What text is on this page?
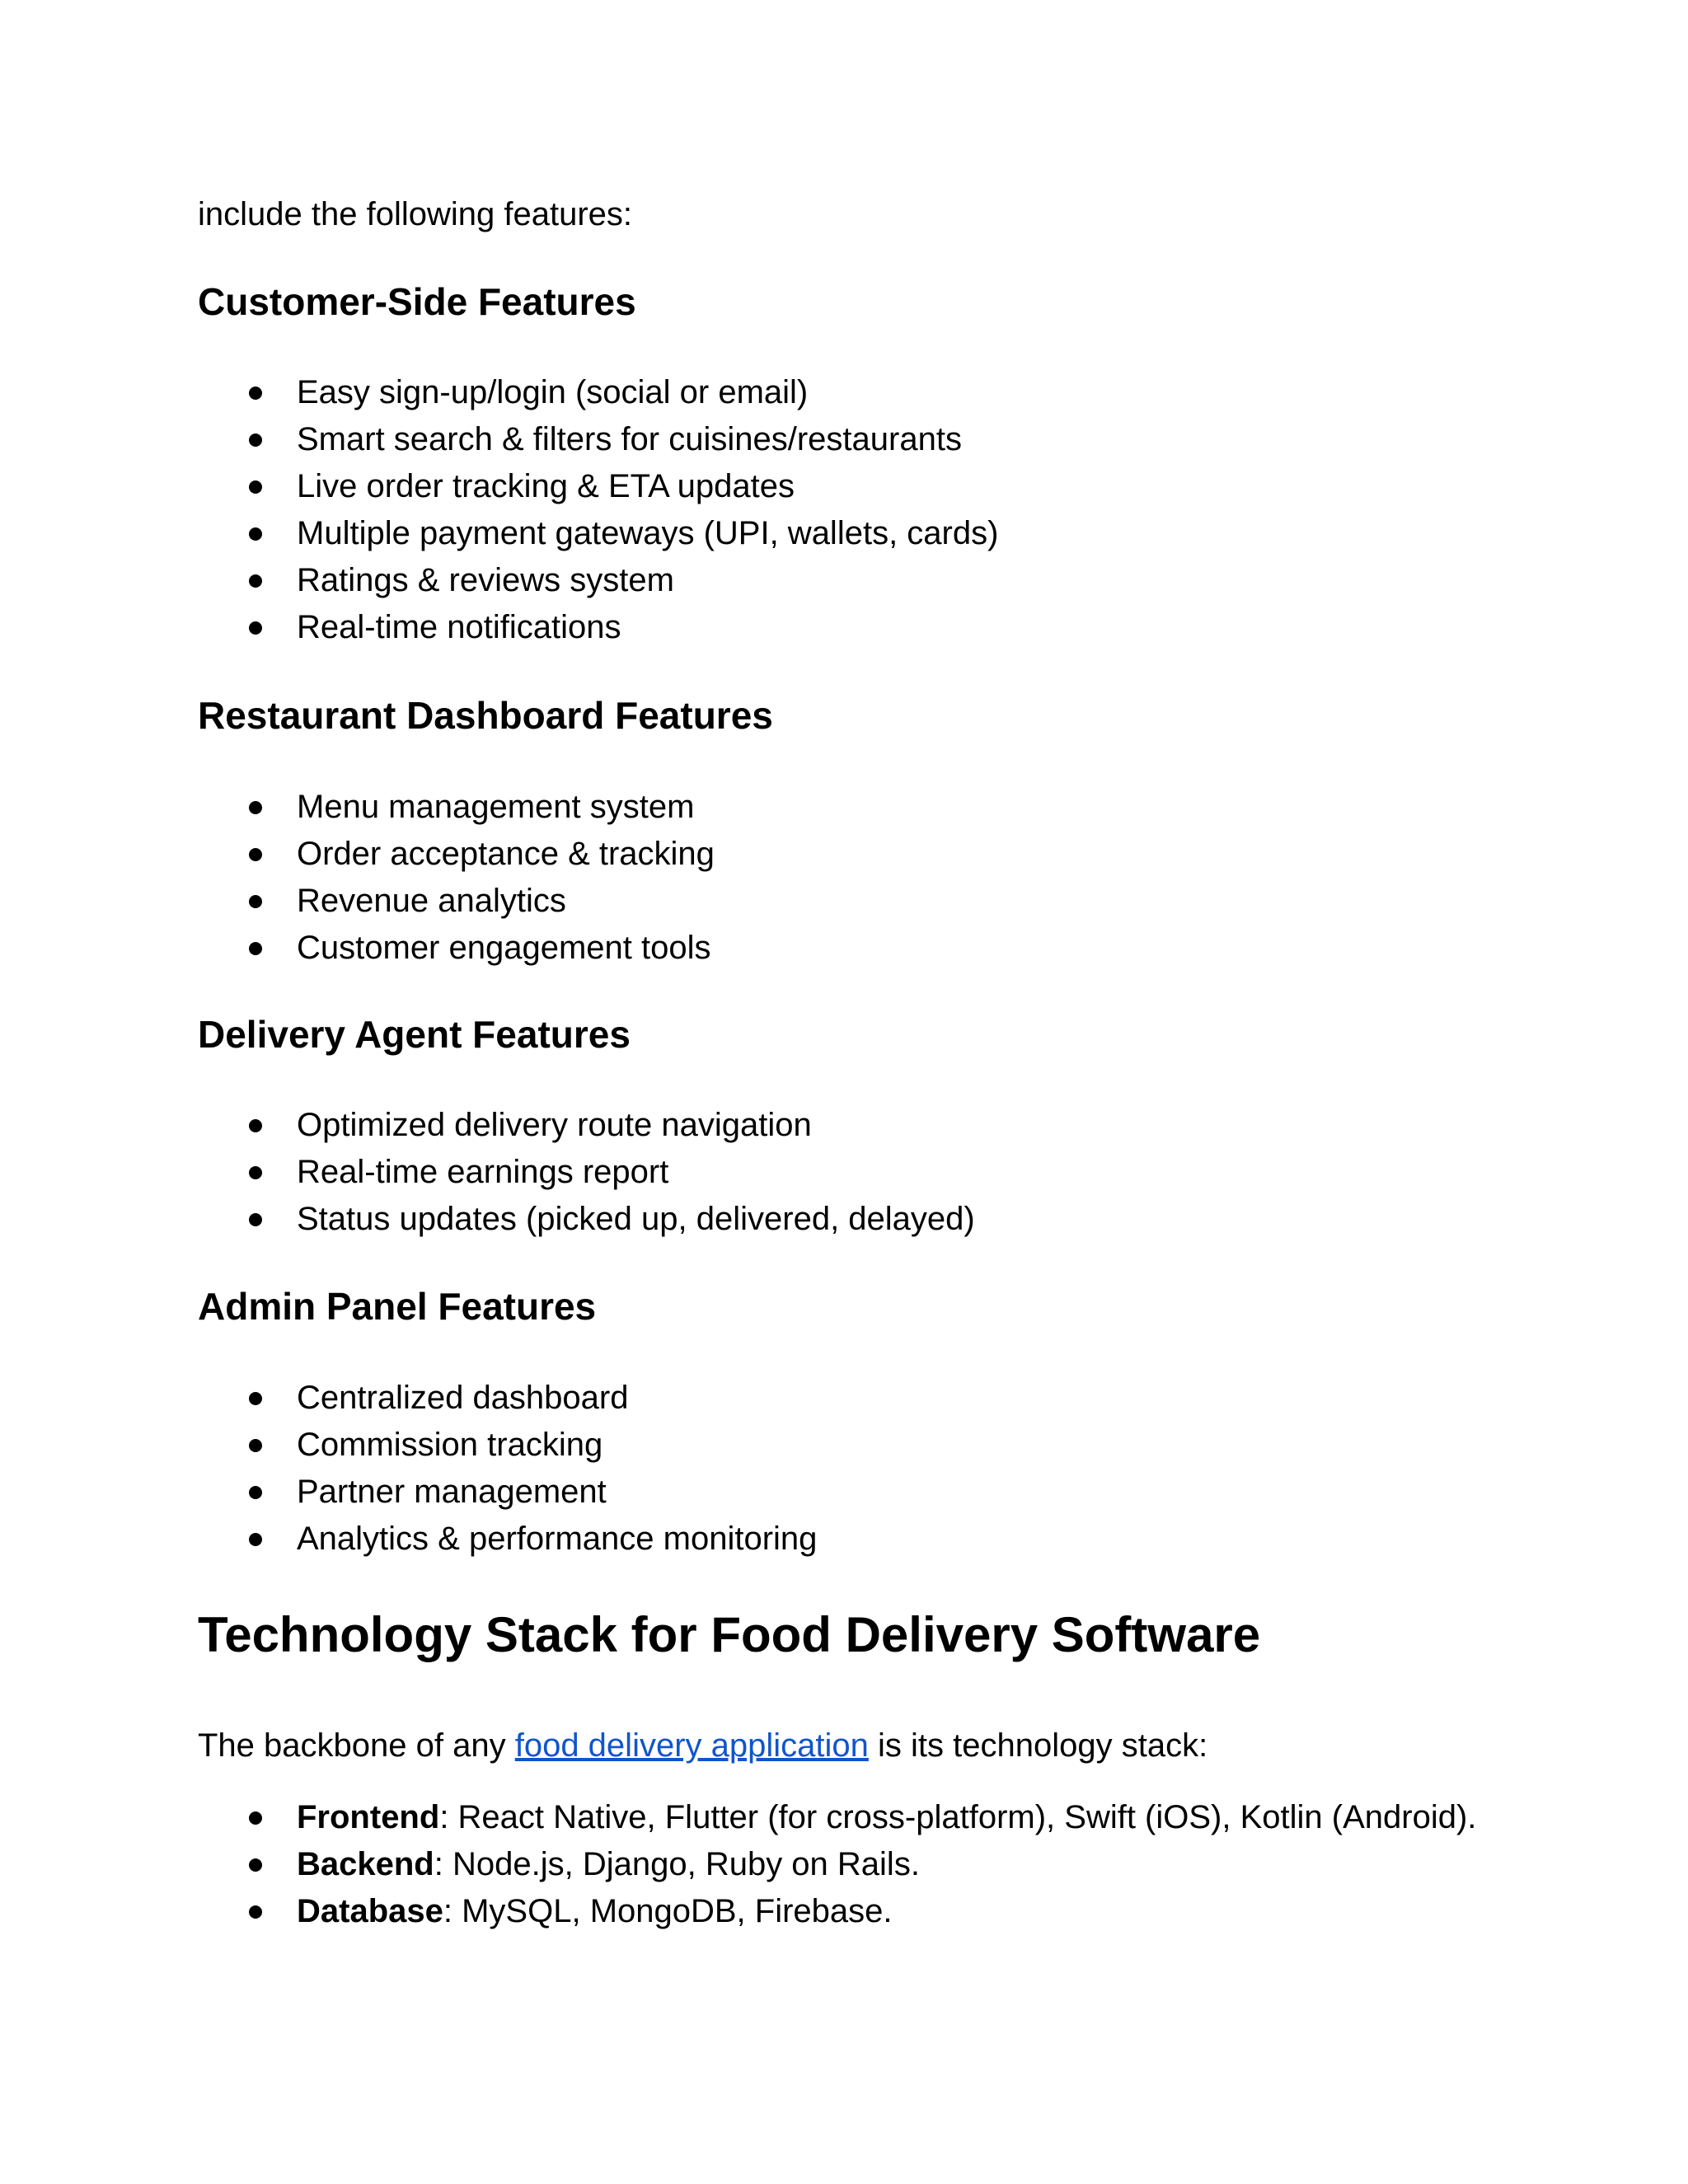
include the following features:

Customer-Side Features
Easy sign-up/login (social or email)
Smart search & filters for cuisines/restaurants
Live order tracking & ETA updates
Multiple payment gateways (UPI, wallets, cards)
Ratings & reviews system
Real-time notifications
Restaurant Dashboard Features
Menu management system
Order acceptance & tracking
Revenue analytics
Customer engagement tools
Delivery Agent Features
Optimized delivery route navigation
Real-time earnings report
Status updates (picked up, delivered, delayed)
Admin Panel Features
Centralized dashboard
Commission tracking
Partner management
Analytics & performance monitoring
Technology Stack for Food Delivery Software

The backbone of any food delivery application is its technology stack:

Frontend: React Native, Flutter (for cross-platform), Swift (iOS), Kotlin (Android).
Backend: Node.js, Django, Ruby on Rails.
Database: MySQL, MongoDB, Firebase.
